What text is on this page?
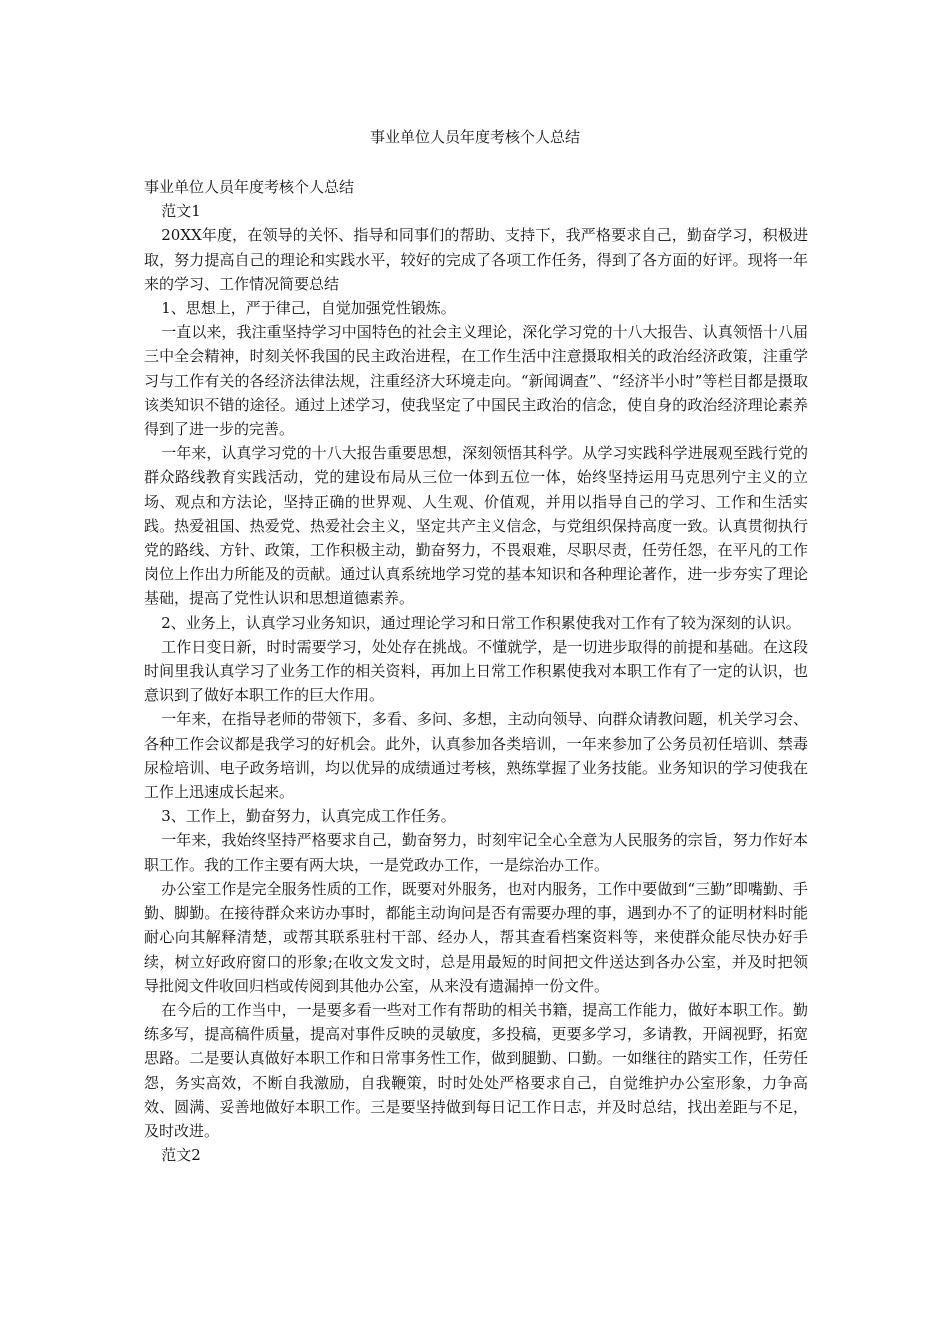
事业单位人员年度考核个人总结

事业单位人员年度考核个人总结

范文1

20XX年度，在领导的关怀、指导和同事们的帮助、支持下，我严格要求自己，勤奋学习，积极进取，努力提高自己的理论和实践水平，较好的完成了各项工作任务，得到了各方面的好评。现将一年来的学习、工作情况简要总结

1、思想上，严于律己，自觉加强党性锻炼。

一直以来，我注重坚持学习中国特色的社会主义理论，深化学习党的十八大报告、认真领悟十八届三中全会精神，时刻关怀我国的民主政治进程，在工作生活中注意摄取相关的政治经济政策，注重学习与工作有关的各经济法律法规，注重经济大环境走向。“新闻调查”、“经济半小时”等栏目都是摄取该类知识不错的途径。通过上述学习，使我坚定了中国民主政治的信念，使自身的政治经济理论素养得到了进一步的完善。

一年来，认真学习党的十八大报告重要思想，深刻领悟其科学。从学习实践科学进展观至践行党的群众路线教育实践活动，党的建设布局从三位一体到五位一体，始终坚持运用马克思列宁主义的立场、观点和方法论，坚持正确的世界观、人生观、价值观，并用以指导自己的学习、工作和生活实践。热爱祖国、热爱党、热爱社会主义，坚定共产主义信念，与党组织保持高度一致。认真贯彻执行党的路线、方针、政策，工作积极主动，勤奋努力，不畏艰难，尽职尽责，任劳任怨，在平凡的工作岗位上作出力所能及的贡献。通过认真系统地学习党的基本知识和各种理论著作，进一步夯实了理论基础，提高了党性认识和思想道德素养。

2、业务上，认真学习业务知识，通过理论学习和日常工作积累使我对工作有了较为深刻的认识。

工作日变日新，时时需要学习，处处存在挑战。不懂就学，是一切进步取得的前提和基础。在这段时间里我认真学习了业务工作的相关资料，再加上日常工作积累使我对本职工作有了一定的认识，也意识到了做好本职工作的巨大作用。

一年来，在指导老师的带领下，多看、多问、多想，主动向领导、向群众请教问题，机关学习会、各种工作会议都是我学习的好机会。此外，认真参加各类培训，一年来参加了公务员初任培训、禁毒尿检培训、电子政务培训，均以优异的成绩通过考核，熟练掌握了业务技能。业务知识的学习使我在工作上迅速成长起来。

3、工作上，勤奋努力，认真完成工作任务。

一年来，我始终坚持严格要求自己，勤奋努力，时刻牢记全心全意为人民服务的宗旨，努力作好本职工作。我的工作主要有两大块，一是党政办工作，一是综治办工作。

办公室工作是完全服务性质的工作，既要对外服务，也对内服务，工作中要做到“三勤”即嘴勤、手勤、脚勤。在接待群众来访办事时，都能主动询问是否有需要办理的事，遇到办不了的证明材料时能耐心向其解释清楚，或帮其联系驻村干部、经办人，帮其查看档案资料等，来使群众能尽快办好手续，树立好政府窗口的形象;在收文发文时，总是用最短的时间把文件送达到各办公室，并及时把领导批阅文件收回归档或传阅到其他办公室，从来没有遗漏掉一份文件。

在今后的工作当中，一是要多看一些对工作有帮助的相关书籍，提高工作能力，做好本职工作。勤练多写，提高稿件质量，提高对事件反映的灵敏度，多投稿，更要多学习，多请教，开阔视野，拓宽思路。二是要认真做好本职工作和日常事务性工作，做到腿勤、口勤。一如继往的踏实工作，任劳任怨，务实高效，不断自我激励，自我鞭策，时时处处严格要求自己，自觉维护办公室形象，力争高效、圆满、妥善地做好本职工作。三是要坚持做到每日记工作日志，并及时总结，找出差距与不足，及时改进。

范文2
